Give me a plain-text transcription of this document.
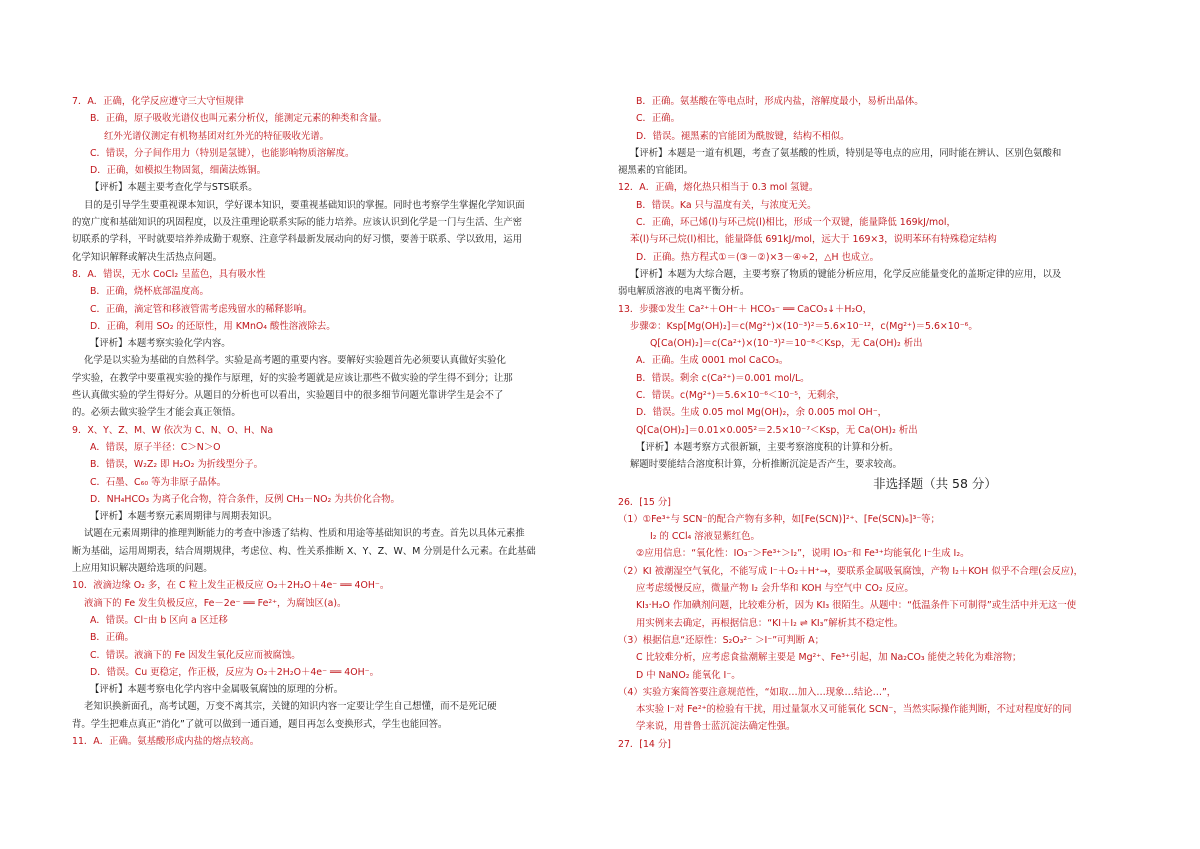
7．A．正确，化学反应遵守三大守恒规律
B．正确，原子吸收光谱仪也叫元素分析仪，能测定元素的种类和含量。
红外光谱仪测定有机物基团对红外光的特征吸收光谱。
C．错误，分子间作用力（特别是氢键），也能影响物质溶解度。
D．正确，如模拟生物固氮，细菌法炼铜。
【评析】本题主要考查化学与STS联系。
目的是引导学生要重视课本知识，学好课本知识，要重视基础知识的掌握。同时也考察学生掌握化学知识面
的宽广度和基础知识的巩固程度，以及注重理论联系实际的能力培养。应该认识到化学是一门与生活、生产密
切联系的学科，平时就要培养养成勤于观察、注意学科最新发展动向的好习惯，要善于联系、学以致用，运用
化学知识解释或解决生活热点问题。
8．A．错误，无水 CoCl₂ 呈蓝色，具有吸水性
B．正确，烧杯底部温度高。
C．正确，滴定管和移液管需考虑残留水的稀释影响。
D．正确，利用 SO₂ 的还原性，用 KMnO₄ 酸性溶液除去。
【评析】本题考察实验化学内容。
化学是以实验为基础的自然科学。实验是高考题的重要内容。要解好实验题首先必须要认真做好实验化
学实验，在教学中要重视实验的操作与原理，好的实验考题就是应该让那些不做实验的学生得不到分；让那
些认真做实验的学生得好分。从题目的分析也可以看出，实验题目中的很多细节问题光靠讲学生是会不了
的。必须去做实验学生才能会真正领悟。
9．X、Y、Z、M、W 依次为 C、N、O、H、Na
A．错误，原子半径：C＞N＞O
B．错误，W₂Z₂ 即 H₂O₂ 为折线型分子。
C．石墨、C₆₀ 等为非原子晶体。
D．NH₄HCO₃ 为离子化合物，符合条件，反例 CH₃－NO₂ 为共价化合物。
【评析】本题考察元素周期律与周期表知识。
试题在元素周期律的推理判断能力的考查中渗透了结构、性质和用途等基础知识的考查。首先以具体元素推
断为基础，运用周期表，结合周期规律，考虑位、构、性关系推断 X、Y、Z、W、M 分别是什么元素。在此基础
上应用知识解决题给选项的问题。
10．液滴边缘 O₂ 多，在 C 粒上发生正极反应 O₂＋2H₂O＋4e⁻ ══ 4OH⁻。
液滴下的 Fe 发生负极反应，Fe－2e⁻ ══ Fe²⁺，为腐蚀区(a)。
A．错误。Cl⁻由 b 区向 a 区迁移
B．正确。
C．错误。液滴下的 Fe 因发生氧化反应而被腐蚀。
D．错误。Cu 更稳定，作正极，反应为 O₂＋2H₂O＋4e⁻ ══ 4OH⁻。
【评析】本题考察电化学内容中金属吸氧腐蚀的原理的分析。
老知识换新面孔，高考试题，万变不离其宗，关键的知识内容一定要让学生自己想懂，而不是死记硬
背。学生把难点真正“消化”了就可以做到一通百通，题目再怎么变换形式，学生也能回答。
11．A．正确。氨基酸形成内盐的熔点较高。
B．正确。氨基酸在等电点时，形成内盐，溶解度最小，易析出晶体。
C．正确。
D．错误。褪黑素的官能团为酰胺键，结构不相似。
【评析】本题是一道有机题，考查了氨基酸的性质，特别是等电点的应用，同时能在辨认、区别色氨酸和
褪黑素的官能团。
12．A．正确，熔化热只相当于 0.3 mol 氢键。
B．错误。Ka 只与温度有关，与浓度无关。
C．正确，环己烯(l)与环己烷(l)相比，形成一个双键，能量降低 169kJ/mol，
苯(l)与环己烷(l)相比，能量降低 691kJ/mol，远大于 169×3，说明苯环有特殊稳定结构
D．正确。热方程式①＝(③－②)×3－④÷2，△H 也成立。
【评析】本题为大综合题，主要考察了物质的键能分析应用，化学反应能量变化的盖斯定律的应用，以及
弱电解质溶液的电离平衡分析。
13．步骤①发生 Ca²⁺＋OH⁻＋ HCO₃⁻ ══ CaCO₃↓＋H₂O，
步骤②：Ksp[Mg(OH)₂]＝c(Mg²⁺)×(10⁻³)²＝5.6×10⁻¹²，c(Mg²⁺)＝5.6×10⁻⁶。
Q[Ca(OH)₂]＝c(Ca²⁺)×(10⁻³)²＝10⁻⁸＜Ksp，无 Ca(OH)₂ 析出
A．正确。生成 0001 mol CaCO₃。
B．错误。剩余 c(Ca²⁺)＝0.001 mol/L。
C．错误。c(Mg²⁺)＝5.6×10⁻⁶＜10⁻⁵，无剩余，
D．错误。生成 0.05 mol Mg(OH)₂，余 0.005 mol OH⁻，
Q[Ca(OH)₂]＝0.01×0.005²＝2.5×10⁻⁷＜Ksp，无 Ca(OH)₂ 析出
【评析】本题考察方式很新颖，主要考察溶度积的计算和分析。
解题时要能结合溶度积计算，分析推断沉淀是否产生，要求较高。
非选择题（共 58 分）
26．[15 分]
（1）①Fe³⁺与 SCN⁻的配合产物有多种，如[Fe(SCN)]²⁺、[Fe(SCN)₆]³⁻等；
I₂ 的 CCl₄ 溶液显紫红色。
②应用信息：“氧化性：IO₃⁻＞Fe³⁺＞I₂”，说明 IO₃⁻和 Fe³⁺均能氧化 I⁻生成 I₂。
（2）KI 被潮湿空气氧化，不能写成 I⁻＋O₂＋H⁺→，要联系金属吸氧腐蚀，产物 I₂＋KOH 似乎不合理(会反应)，
应考虑缓慢反应，微量产物 I₂ 会升华和 KOH 与空气中 CO₂ 反应。
KI₃·H₂O 作加碘剂问题，比较难分析，因为 KI₃ 很陌生。从题中：“低温条件下可制得”或生活中并无这一使
用实例来去确定，再根据信息：“KI＋I₂ ⇌ KI₃”解析其不稳定性。
（3）根据信息“还原性：S₂O₃²⁻ ＞I⁻”可判断 A；
C 比较难分析，应考虑食盐潮解主要是 Mg²⁺、Fe³⁺引起，加 Na₂CO₃ 能使之转化为难溶物；
D 中 NaNO₂ 能氧化 I⁻。
（4）实验方案简答要注意规范性，“如取…加入…现象…结论…”，
本实验 I⁻对 Fe²⁺的检验有干扰，用过量氯水又可能氧化 SCN⁻，当然实际操作能判断，不过对程度好的同
学来说，用普鲁士蓝沉淀法确定性强。
27．[14 分]
